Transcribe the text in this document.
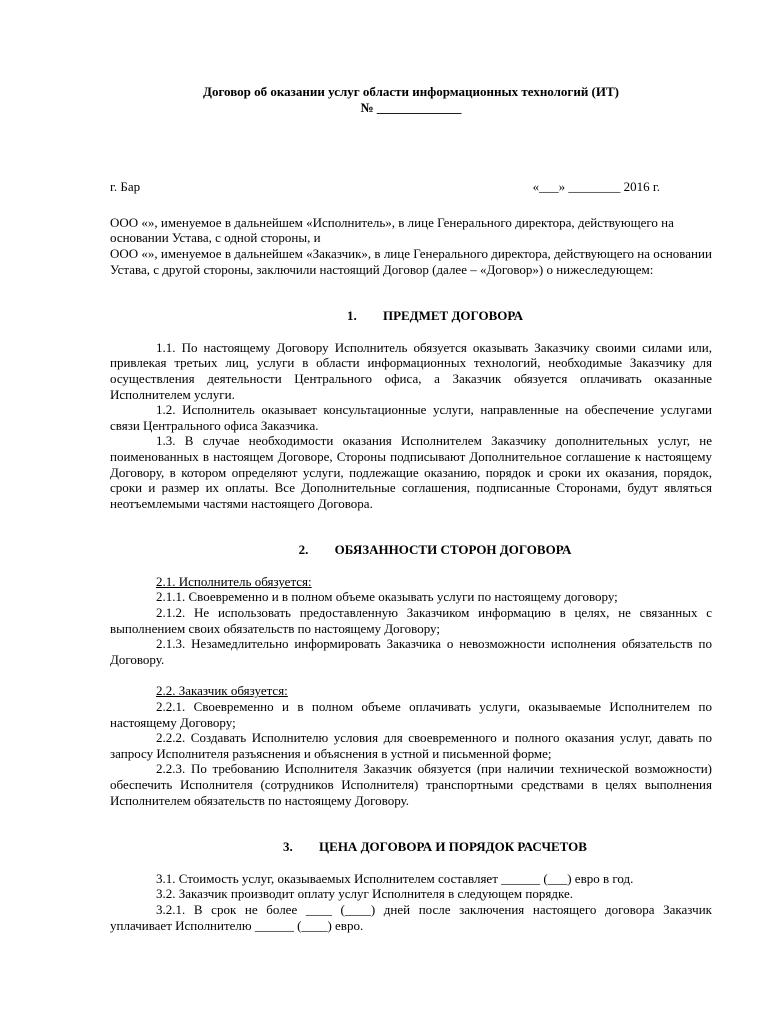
Договор об оказании услуг области информационных технологий (ИТ)
№ _____________
г. Бар	«___» ________ 2016 г.

ООО «», именуемое в дальнейшем «Исполнитель», в лице Генерального директора, действующего на основании Устава, с одной стороны, и

ООО «», именуемое в дальнейшем «Заказчик», в лице Генерального директора, действующего на основании Устава, с другой стороны, заключили настоящий Договор (далее – «Договор») о нижеследующем:

1. ПРЕДМЕТ ДОГОВОРА

1.1. По настоящему Договору Исполнитель обязуется оказывать Заказчику своими силами или, привлекая третьих лиц, услуги в области информационных технологий, необходимые Заказчику для осуществления деятельности Центрального офиса, а Заказчик обязуется оплачивать оказанные Исполнителем услуги.

1.2. Исполнитель оказывает консультационные услуги, направленные на обеспечение услугами связи Центрального офиса Заказчика.

1.3. В случае необходимости оказания Исполнителем Заказчику дополнительных услуг, не поименованных в настоящем Договоре, Стороны подписывают Дополнительное соглашение к настоящему Договору, в котором определяют услуги, подлежащие оказанию, порядок и сроки их оказания, порядок, сроки и размер их оплаты. Все Дополнительные соглашения, подписанные Сторонами, будут являться неотъемлемыми частями настоящего Договора.

2. ОБЯЗАННОСТИ СТОРОН ДОГОВОРА

2.1. Исполнитель обязуется:

2.1.1. Своевременно и в полном объеме оказывать услуги по настоящему договору;

2.1.2. Не использовать предоставленную Заказчиком информацию в целях, не связанных с выполнением своих обязательств по настоящему Договору;

2.1.3. Незамедлительно информировать Заказчика о невозможности исполнения обязательств по Договору.

2.2. Заказчик обязуется:

2.2.1. Своевременно и в полном объеме оплачивать услуги, оказываемые Исполнителем по настоящему Договору;

2.2.2. Создавать Исполнителю условия для своевременного и полного оказания услуг, давать по запросу Исполнителя разъяснения и объяснения в устной и письменной форме;

2.2.3. По требованию Исполнителя Заказчик обязуется (при наличии технической возможности) обеспечить Исполнителя (сотрудников Исполнителя) транспортными средствами в целях выполнения Исполнителем обязательств по настоящему Договору.

3. ЦЕНА ДОГОВОРА И ПОРЯДОК РАСЧЕТОВ

3.1. Стоимость услуг, оказываемых Исполнителем составляет ______ (___) евро в год.

3.2. Заказчик производит оплату услуг Исполнителя в следующем порядке.

3.2.1. В срок не более ____ (____) дней после заключения настоящего договора Заказчик уплачивает Исполнителю ______ (____) евро.
